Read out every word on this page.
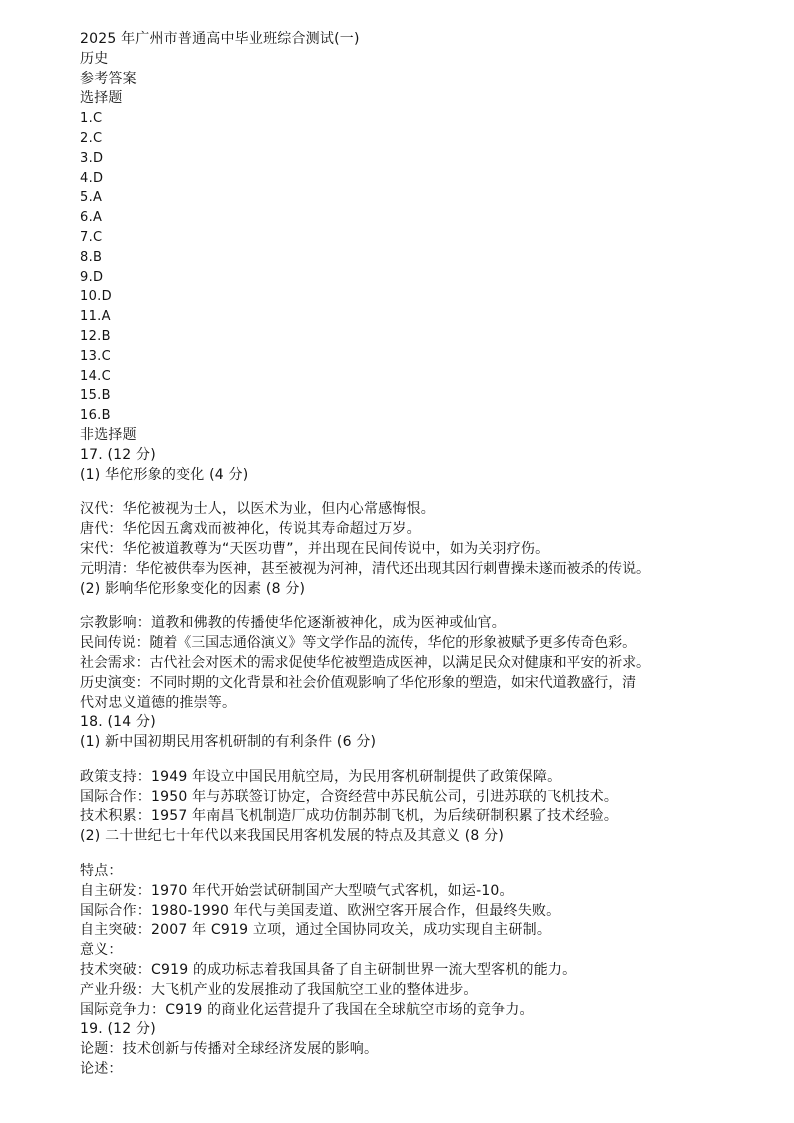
2025 年广州市普通高中毕业班综合测试(一)
历史
参考答案
选择题
1.C
2.C
3.D
4.D
5.A
6.A
7.C
8.B
9.D
10.D
11.A
12.B
13.C
14.C
15.B
16.B
非选择题
17. (12 分)
(1) 华佗形象的变化 (4 分)
汉代：华佗被视为士人，以医术为业，但内心常感悔恨。
唐代：华佗因五禽戏而被神化，传说其寿命超过万岁。
宋代：华佗被道教尊为“天医功曹”，并出现在民间传说中，如为关羽疗伤。
元明清：华佗被供奉为医神，甚至被视为河神，清代还出现其因行刺曹操未遂而被杀的传说。
(2) 影响华佗形象变化的因素 (8 分)
宗教影响：道教和佛教的传播使华佗逐渐被神化，成为医神或仙官。
民间传说：随着《三国志通俗演义》等文学作品的流传，华佗的形象被赋予更多传奇色彩。
社会需求：古代社会对医术的需求促使华佗被塑造成医神，以满足民众对健康和平安的祈求。
历史演变：不同时期的文化背景和社会价值观影响了华佗形象的塑造，如宋代道教盛行，清
代对忠义道德的推崇等。
18. (14 分)
(1) 新中国初期民用客机研制的有利条件 (6 分)
政策支持：1949 年设立中国民用航空局，为民用客机研制提供了政策保障。
国际合作：1950 年与苏联签订协定，合资经营中苏民航公司，引进苏联的飞机技术。
技术积累：1957 年南昌飞机制造厂成功仿制苏制飞机，为后续研制积累了技术经验。
(2) 二十世纪七十年代以来我国民用客机发展的特点及其意义 (8 分)
特点：
自主研发：1970 年代开始尝试研制国产大型喷气式客机，如运-10。
国际合作：1980-1990 年代与美国麦道、欧洲空客开展合作，但最终失败。
自主突破：2007 年 C919 立项，通过全国协同攻关，成功实现自主研制。
意义：
技术突破：C919 的成功标志着我国具备了自主研制世界一流大型客机的能力。
产业升级：大飞机产业的发展推动了我国航空工业的整体进步。
国际竞争力：C919 的商业化运营提升了我国在全球航空市场的竞争力。
19. (12 分)
论题：技术创新与传播对全球经济发展的影响。
论述：
